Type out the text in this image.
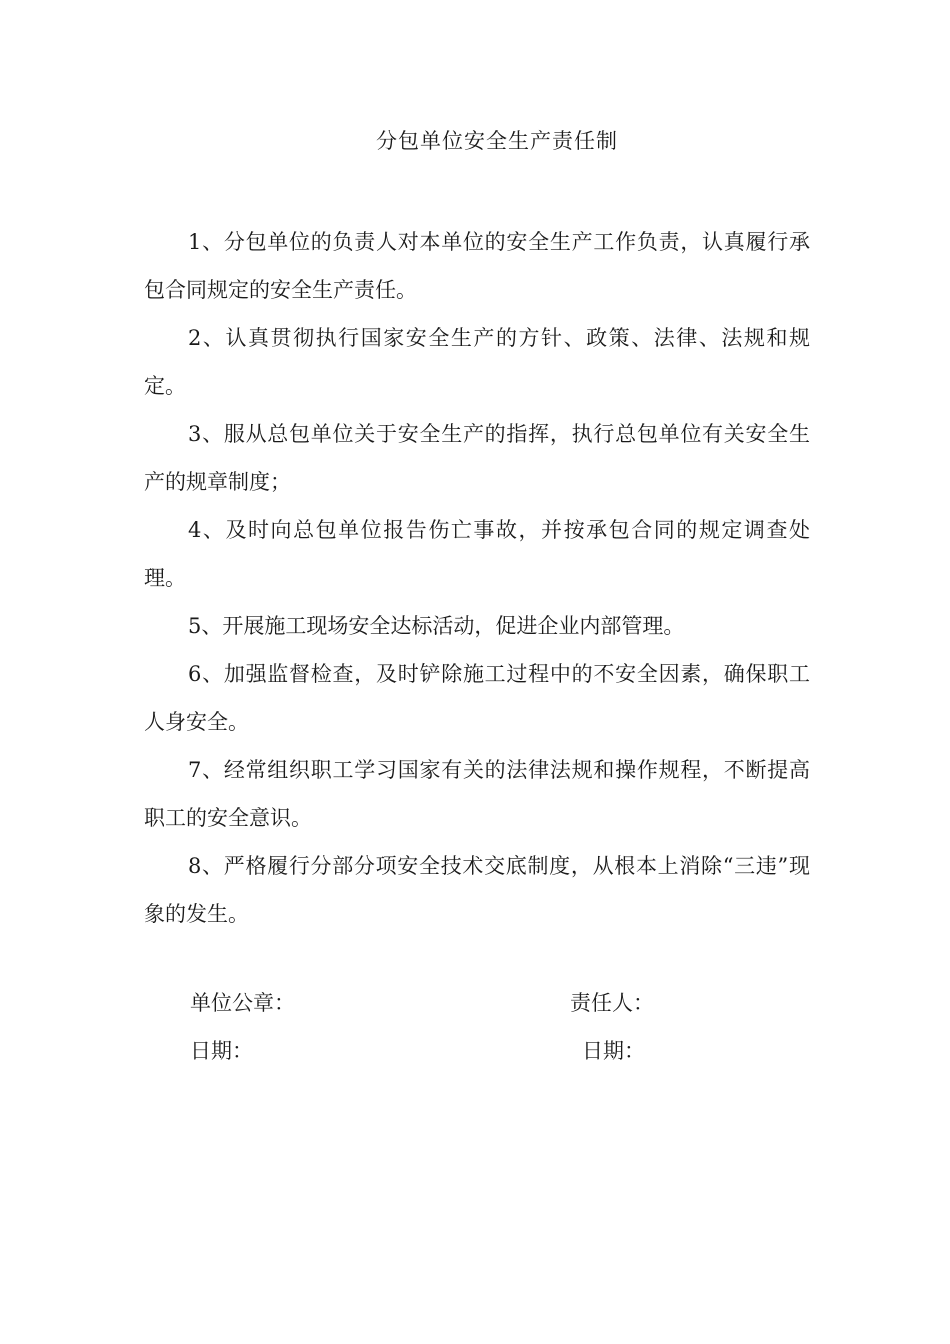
分包单位安全生产责任制
1、分包单位的负责人对本单位的安全生产工作负责，认真履行承包合同规定的安全生产责任。
2、认真贯彻执行国家安全生产的方针、政策、法律、法规和规定。
3、服从总包单位关于安全生产的指挥，执行总包单位有关安全生产的规章制度；
4、及时向总包单位报告伤亡事故，并按承包合同的规定调查处理。
5、开展施工现场安全达标活动，促进企业内部管理。
6、加强监督检查，及时铲除施工过程中的不安全因素，确保职工人身安全。
7、经常组织职工学习国家有关的法律法规和操作规程，不断提高职工的安全意识。
8、严格履行分部分项安全技术交底制度，从根本上消除“三违”现象的发生。
单位公章：	责任人：
日期：	日期：
